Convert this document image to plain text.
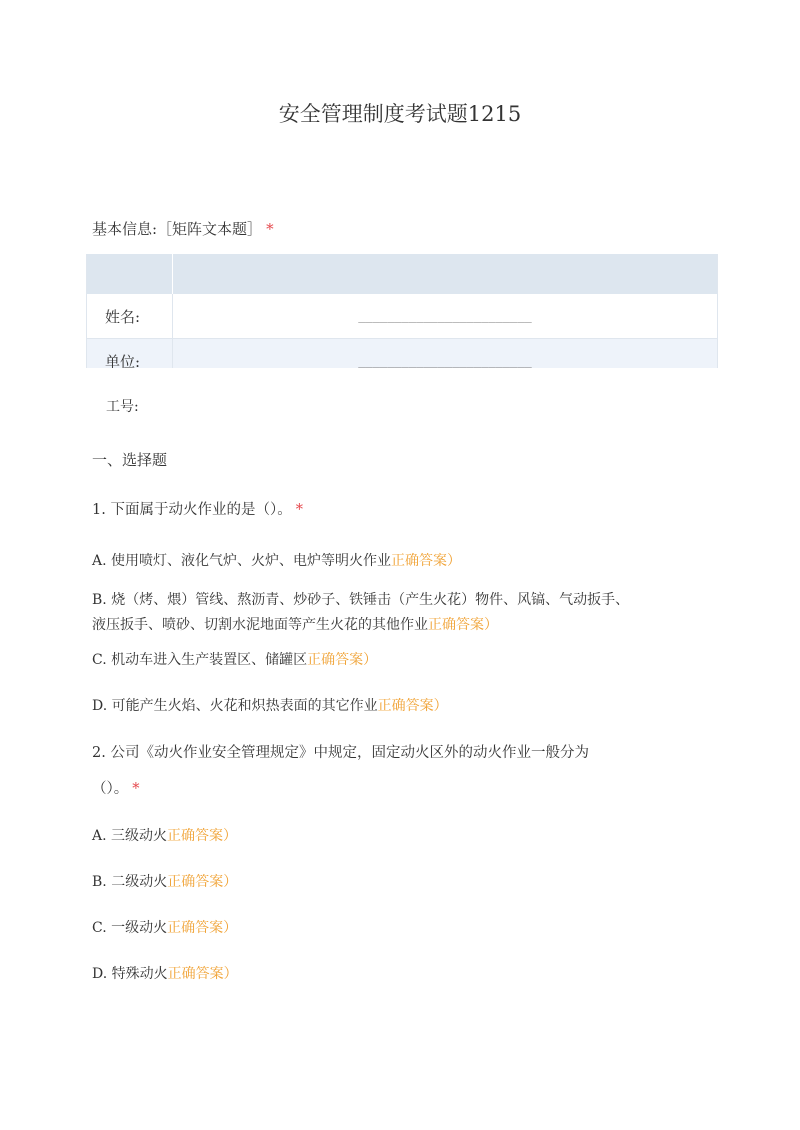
安全管理制度考试题1215
基本信息:［矩阵文本题］ *
姓名:	________________________
单位:	________________________
工号:
一、选择题
1. 下面属于动火作业的是（）。 *
A. 使用喷灯、液化气炉、火炉、电炉等明火作业正确答案）
B. 烧（烤、煨）管线、熬沥青、炒砂子、铁锤击（产生火花）物件、风镐、气动扳手、
液压扳手、喷砂、切割水泥地面等产生火花的其他作业正确答案）
C. 机动车进入生产装置区、储罐区正确答案）
D. 可能产生火焰、火花和炽热表面的其它作业正确答案）
2. 公司《动火作业安全管理规定》中规定，固定动火区外的动火作业一般分为
（）。 *
A. 三级动火正确答案）
B. 二级动火正确答案）
C. 一级动火正确答案）
D. 特殊动火正确答案）
